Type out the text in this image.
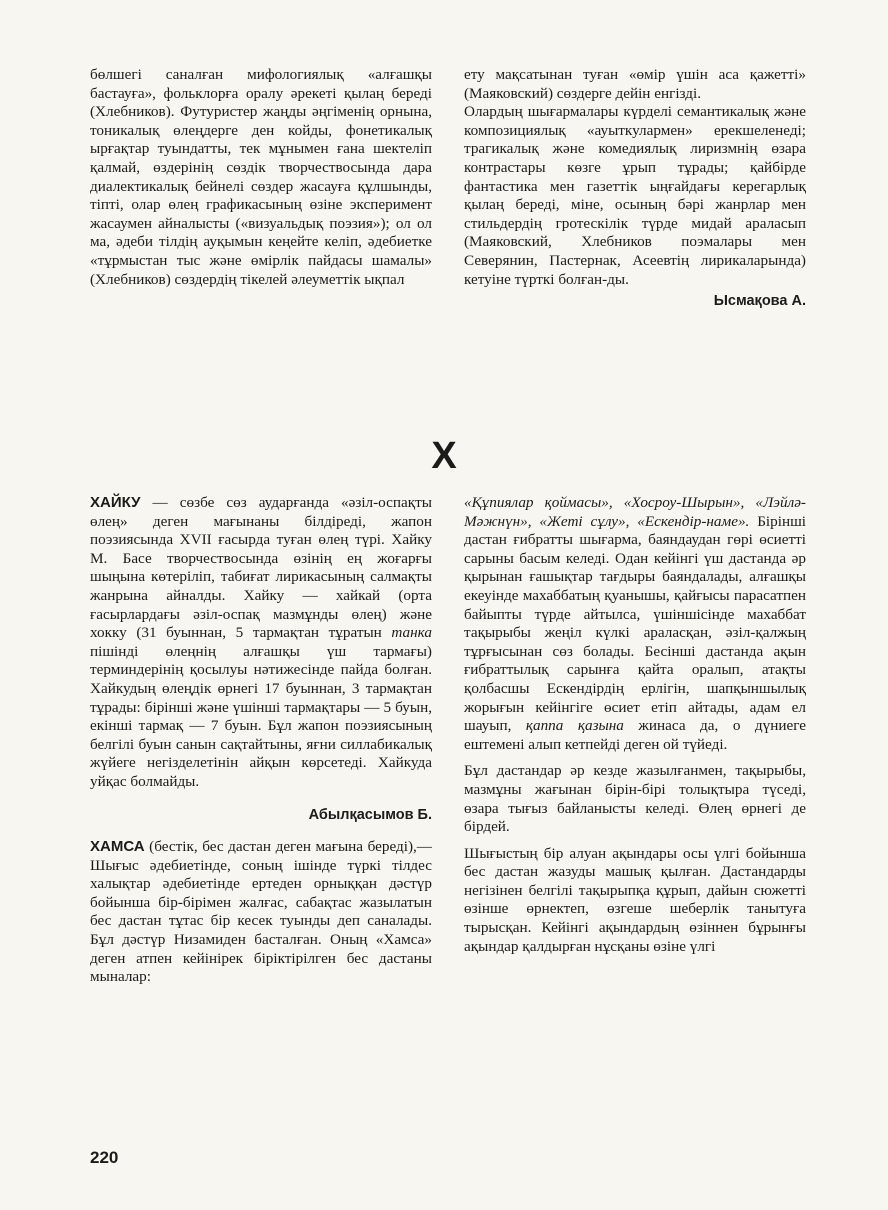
бөлшегі саналған мифологиялық «алғашқы бастауға», фольклорға оралу әрекеті қылаң береді (Хлебников). Футуристер жаңды әңгіменің орнына, тоникалық өлеңдерге ден койды, фонетикалық ырғақтар туындатты, тек мұнымен ғана шектеліп қалмай, өздерінің сөздік творчествосында дара диалектикалық бейнелі сөздер жасауға құлшынды, тіпті, олар өлең графикасының өзіне эксперимент жасаумен айналысты («визуальдық поэзия»); ол ол ма, әдеби тілдің ауқымын кеңейте келіп, әдебиетке «тұрмыстан тыс және өмірлік пайдасы шамалы» (Хлебников) сөздердің тікелей әлеуметтік ықпал

ету мақсатынан туған «өмір үшін аса қажетті» (Маяковский) сөздерге дейін енгізді.

Олардың шығармалары күрделі семантикалық және композициялық «ауыткулармен» ерекшеленеді; трагикалық және комедиялық лиризмнің өзара контрастары көзге ұрып тұрады; қайбірде фантастика мен газеттік ыңғайдағы керегарлық қылаң береді, міне, осының бәрі жанрлар мен стильдердің гротескілік түрде мидай араласып (Маяковский, Хлебников поэмалары мен Северянин, Пастернак, Асеевтің лирикаларында) кетуіне түрткі болған-ды.

Ысмақова А.
Х

ХАЙКУ — сөзбе сөз аударғанда «әзіл-оспақты өлең» деген мағынаны білдіреді, жапон поэзиясында XVII ғасырда туған өлең түрі. Хайку М. Басе творчествосында өзінің ең жоғарғы шыңына көтеріліп, табиғат лирикасының салмақты жанрына айналды. Хайку — хайкай (орта ғасырлардағы әзіл-оспақ мазмұнды өлең) және хокку (31 буыннан, 5 тармақтан тұратын танка пішінді өлеңнің алғашқы үш тармағы) терминдерінің қосылуы нәтижесінде пайда болған. Хайкудың өлеңдік өрнегі 17 буыннан, 3 тармақтан тұрады: бірінші және үшінші тармақтары — 5 буын, екінші тармақ — 7 буын. Бұл жапон поэзиясының белгілі буын санын сақтайтыны, яғни силлабикалық жүйеге негізделетінін айқын көрсетеді. Хайкуда уйқас болмайды.

Абылқасымов Б.

ХАМСА (бестік, бес дастан деген мағына береді),— Шығыс әдебиетінде, соның ішінде түркі тілдес халықтар әдебиетінде ертеден орныққан дәстүр бойынша бір-бірімен жалғас, сабақтас жазылатын бес дастан тұтас бір кесек туынды деп саналады. Бұл дәстүр Низамиден басталған. Оның «Хамса» деген атпен кейінірек біріктірілген бес дастаны мыналар:

«Құпиялар қоймасы», «Хосроу-Шырын», «Лэйлә-Мәжнүн», «Жеті сұлу», «Ескендір-наме». Бірінші дастан ғибратты шығарма, баяндаудан гөрі өсиетті сарыны басым келеді. Одан кейінгі үш дастанда әр қырынан ғашықтар тағдыры баяндалады, алғашқы екеуінде махаббатың қуанышы, қайғысы парасатпен байыпты түрде айтылса, үшіншісінде махаббат тақырыбы жеңіл күлкі араласқан, әзіл-қалжың тұрғысынан сөз болады. Бесінші дастанда ақын ғибраттылық сарынға қайта оралып, атақты қолбасшы Ескендірдің ерлігін, шапқыншылық жорығын кейінгіге өсиет етіп айтады, адам ел шауып, қаппа қазына жинаса да, о дүниеге ештемені алып кетпейді деген ой түйеді.

Бұл дастандар әр кезде жазылғанмен, тақырыбы, мазмұны жағынан бірін-бірі толықтыра түседі, өзара тығыз байланысты келеді. Өлең өрнегі де бірдей.

Шығыстың бір алуан ақындары осы үлгі бойынша бес дастан жазуды машық қылған. Дастандарды негізінен белгілі тақырыпқа құрып, дайын сюжетті өзінше өрнектеп, өзгеше шеберлік танытуға тырысқан. Кейінгі ақындардың өзіннен бұрынғы ақындар қалдырған нұсқаны өзіне үлгі

220
